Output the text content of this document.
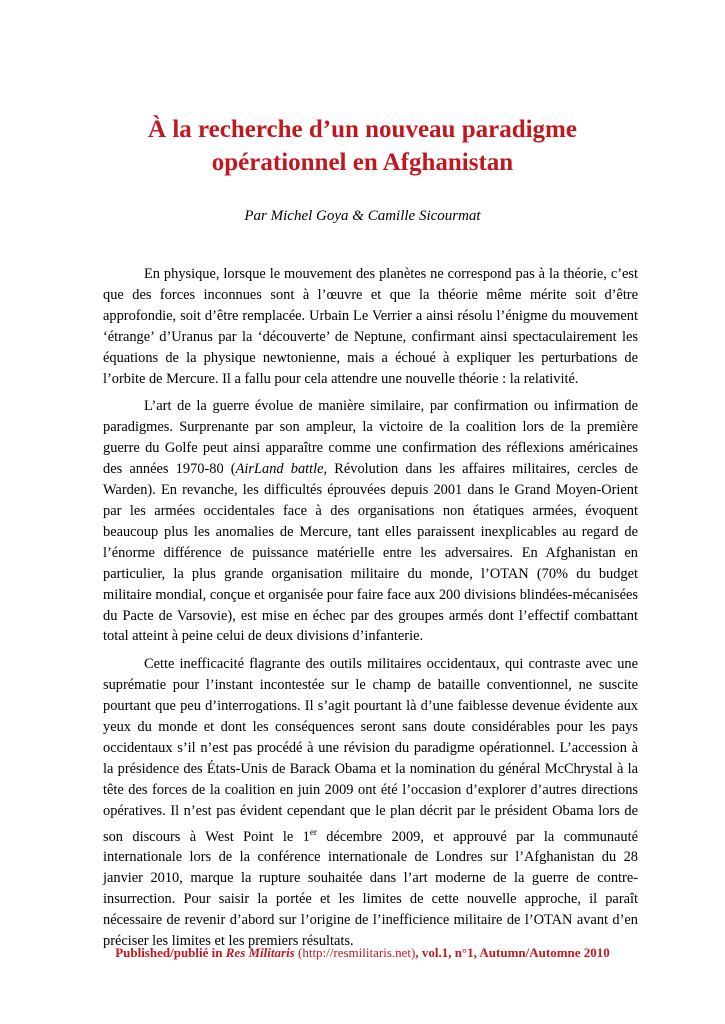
À la recherche d’un nouveau paradigme
opérationnel en Afghanistan
Par Michel Goya & Camille Sicourmat

En physique, lorsque le mouvement des planètes ne correspond pas à la théorie, c’est que des forces inconnues sont à l’œuvre et que la théorie même mérite soit d’être approfondie, soit d’être remplacée. Urbain Le Verrier a ainsi résolu l’énigme du mouvement ‘étrange’ d’Uranus par la ‘découverte’ de Neptune, confirmant ainsi spectaculairement les équations de la physique newtonienne, mais a échoué à expliquer les perturbations de l’orbite de Mercure. Il a fallu pour cela attendre une nouvelle théorie : la relativité.

L’art de la guerre évolue de manière similaire, par confirmation ou infirmation de paradigmes. Surprenante par son ampleur, la victoire de la coalition lors de la première guerre du Golfe peut ainsi apparaître comme une confirmation des réflexions américaines des années 1970-80 (AirLand battle, Révolution dans les affaires militaires, cercles de Warden). En revanche, les difficultés éprouvées depuis 2001 dans le Grand Moyen-Orient par les armées occidentales face à des organisations non étatiques armées, évoquent beaucoup plus les anomalies de Mercure, tant elles paraissent inexplicables au regard de l’énorme différence de puissance matérielle entre les adversaires. En Afghanistan en particulier, la plus grande organisation militaire du monde, l’OTAN (70% du budget militaire mondial, conçue et organisée pour faire face aux 200 divisions blindées-mécanisées du Pacte de Varsovie), est mise en échec par des groupes armés dont l’effectif combattant total atteint à peine celui de deux divisions d’infanterie.

Cette inefficacité flagrante des outils militaires occidentaux, qui contraste avec une suprématie pour l’instant incontestée sur le champ de bataille conventionnel, ne suscite pourtant que peu d’interrogations. Il s’agit pourtant là d’une faiblesse devenue évidente aux yeux du monde et dont les conséquences seront sans doute considérables pour les pays occidentaux s’il n’est pas procédé à une révision du paradigme opérationnel. L’accession à la présidence des États-Unis de Barack Obama et la nomination du général McChrystal à la tête des forces de la coalition en juin 2009 ont été l’occasion d’explorer d’autres directions opératives. Il n’est pas évident cependant que le plan décrit par le président Obama lors de son discours à West Point le 1er décembre 2009, et approuvé par la communauté internationale lors de la conférence internationale de Londres sur l’Afghanistan du 28 janvier 2010, marque la rupture souhaitée dans l’art moderne de la guerre de contre-insurrection. Pour saisir la portée et les limites de cette nouvelle approche, il paraît nécessaire de revenir d’abord sur l’origine de l’inefficience militaire de l’OTAN avant d’en préciser les limites et les premiers résultats.

Published/publié in Res Militaris (http://resmilitaris.net), vol.1, n°1, Autumn/Automne 2010
